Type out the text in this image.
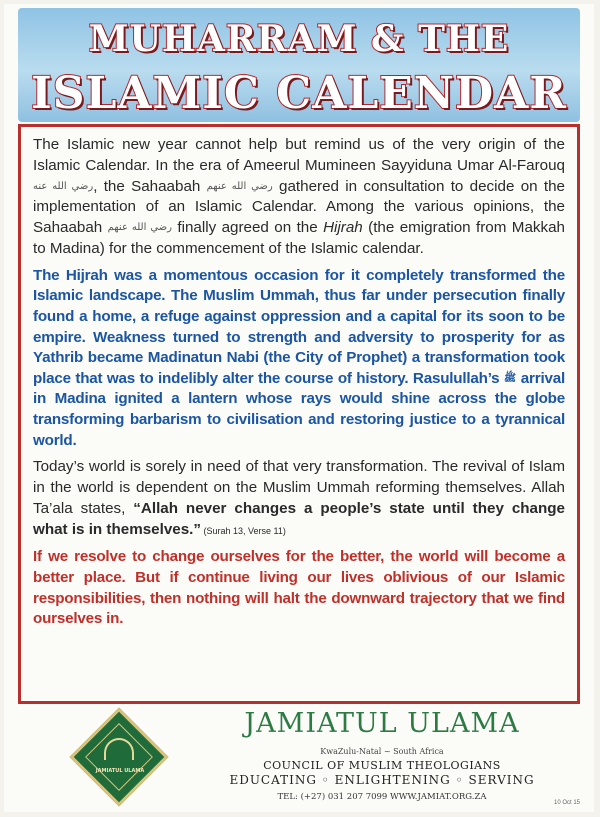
MUHARRAM & THE
ISLAMIC CALENDAR

The Islamic new year cannot help but remind us of the very origin of the Islamic Calendar. In the era of Ameerul Mumineen Sayyiduna Umar Al-Farouq رضي الله عنه, the Sahaabah رضي الله عنهم gathered in consultation to decide on the implementation of an Islamic Calendar. Among the various opinions, the Sahaabah رضي الله عنهم finally agreed on the Hijrah (the emigration from Makkah to Madina) for the commencement of the Islamic calendar.

The Hijrah was a momentous occasion for it completely transformed the Islamic landscape. The Muslim Ummah, thus far under persecution finally found a home, a refuge against oppression and a capital for its soon to be empire. Weakness turned to strength and adversity to prosperity for as Yathrib became Madinatun Nabi (the City of Prophet) a transformation took place that was to indelibly alter the course of history. Rasulullah’s ﷺ arrival in Madina ignited a lantern whose rays would shine across the globe transforming barbarism to civilisation and restoring justice to a tyrannical world.

Today’s world is sorely in need of that very transformation. The revival of Islam in the world is dependent on the Muslim Ummah reforming themselves. Allah Ta’ala states, “Allah never changes a people’s state until they change what is in themselves.” (Surah 13, Verse 11)

If we resolve to change ourselves for the better, the world will become a better place. But if continue living our lives oblivious of our Islamic responsibilities, then nothing will halt the downward trajectory that we find ourselves in.

JAMIATUL ULAMA
JAMIATUL ULAMA
KwaZulu-Natal ~ South Africa
COUNCIL OF MUSLIM THEOLOGIANS
EDUCATING ◦ ENLIGHTENING ◦ SERVING
TEL: (+27) 031 207 7099 WWW.JAMIAT.ORG.ZA
10 Oct 15
